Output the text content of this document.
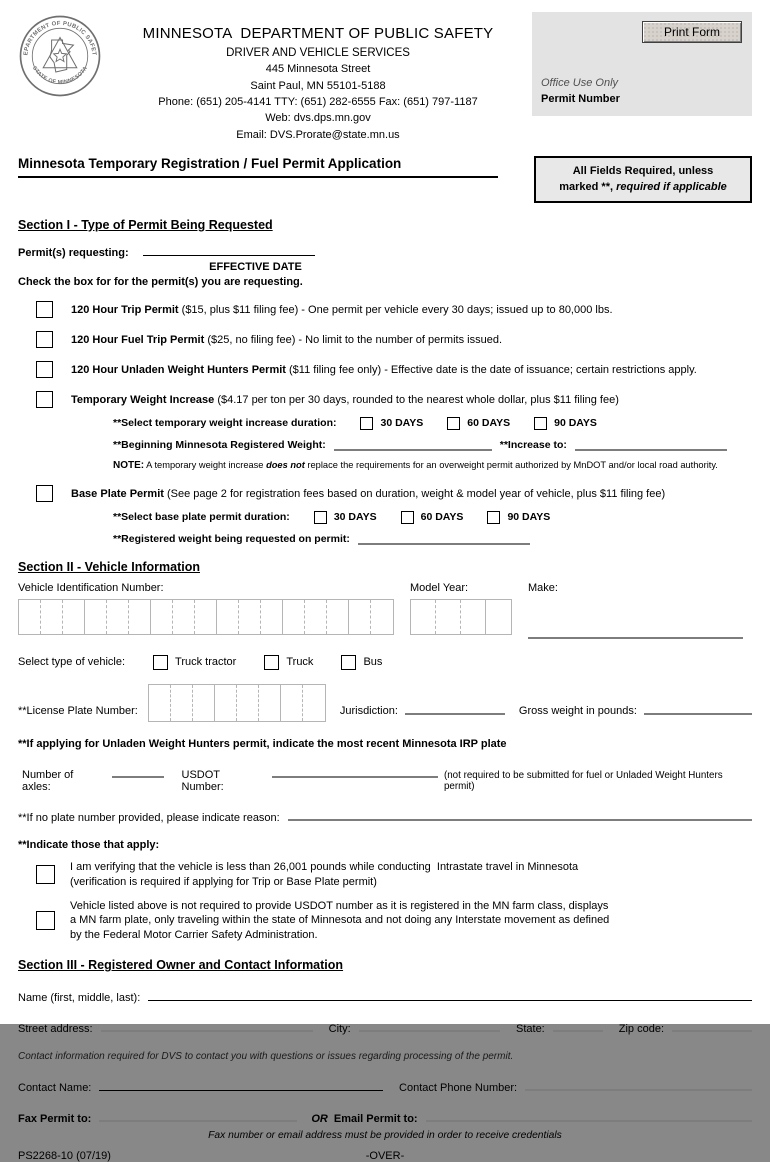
EPARTMENT OF PUBLIC SAFET
STATE OF MINNESOTA
MINNESOTA  DEPARTMENT OF PUBLIC SAFETY
DRIVER AND VEHICLE SERVICES
445 Minnesota Street
Saint Paul, MN 55101-5188
Phone: (651) 205-4141 TTY: (651) 282-6555 Fax: (651) 797-1187
Web: dvs.dps.mn.gov
Email: DVS.Prorate@state.mn.us
Print Form
Office Use Only
Permit Number
Minnesota Temporary Registration / Fuel Permit Application	All Fields Required, unless
marked **, required if applicable
Section I - Type of Permit Being Requested
Permit(s) requesting:
EFFECTIVE DATE
Check the box for for the permit(s) you are requesting.
120 Hour Trip Permit ($15, plus $11 filing fee) - One permit per vehicle every 30 days; issued up to 80,000 lbs.
120 Hour Fuel Trip Permit ($25, no filing fee) - No limit to the number of permits issued.
120 Hour Unladen Weight Hunters Permit ($11 filing fee only) - Effective date is the date of issuance; certain restrictions apply.
Temporary Weight Increase ($4.17 per ton per 30 days, rounded to the nearest whole dollar, plus $11 filing fee)
**Select temporary weight increase duration:	30 DAYS	60 DAYS	90 DAYS
**Beginning Minnesota Registered Weight:	**Increase to:
NOTE: A temporary weight increase does not replace the requirements for an overweight permit authorized by MnDOT and/or local road authority.
Base Plate Permit (See page 2 for registration fees based on duration, weight & model year of vehicle, plus $11 filing fee)
**Select base plate permit duration:	30 DAYS	60 DAYS	90 DAYS
**Registered weight being requested on permit:
Section II - Vehicle Information
Vehicle Identification Number:	Model Year:	Make:
Select type of vehicle:	Truck tractor	Truck	Bus
**License Plate Number:	Jurisdiction:	Gross weight in pounds:
**If applying for Unladen Weight Hunters permit, indicate the most recent Minnesota IRP plate
Number of axles:
USDOT Number:
(not required to be submitted for fuel or Unladed Weight Hunters permit)
**If no plate number provided, please indicate reason:
**Indicate those that apply:
I am verifying that the vehicle is less than 26,001 pounds while conducting  Intrastate travel in Minnesota
(verification is required if applying for Trip or Base Plate permit)
Vehicle listed above is not required to provide USDOT number as it is registered in the MN farm class, displays
a MN farm plate, only traveling within the state of Minnesota and not doing any Interstate movement as defined
by the Federal Motor Carrier Safety Administration.
Section III - Registered Owner and Contact Information
Name (first, middle, last):
Street address:	City:	State:	Zip code:
Contact information required for DVS to contact you with questions or issues regarding processing of the permit.
Contact Name:	Contact Phone Number:
Fax Permit to:	OR Email Permit to:
Fax number or email address must be provided in order to receive credentials
-OVER-
PS2268-10 (07/19)
